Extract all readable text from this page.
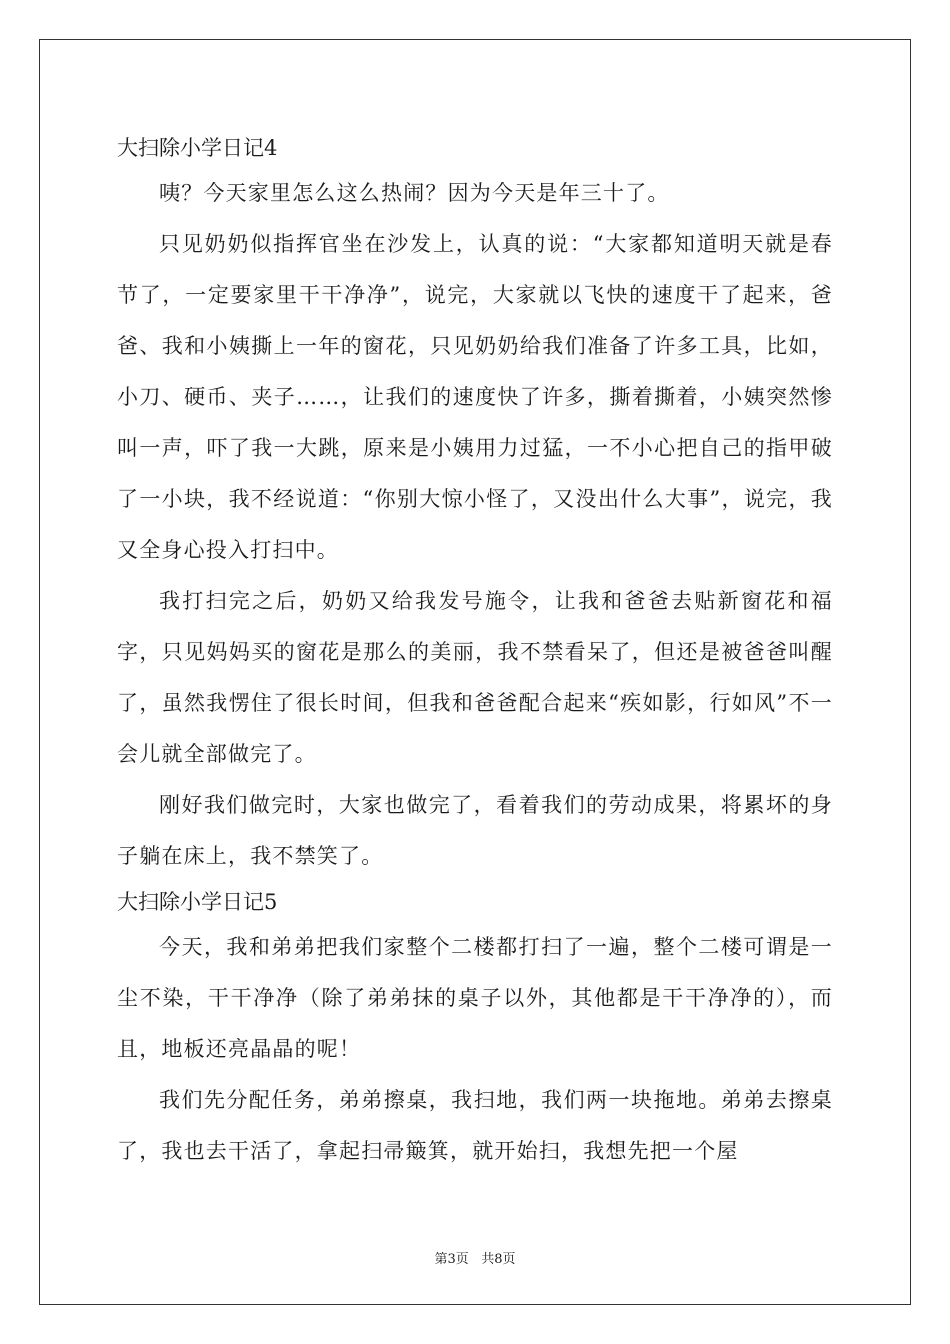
大扫除小学日记4

咦？今天家里怎么这么热闹？因为今天是年三十了。

只见奶奶似指挥官坐在沙发上，认真的说：“大家都知道明天就是春节了，一定要家里干干净净”，说完，大家就以飞快的速度干了起来，爸爸、我和小姨撕上一年的窗花，只见奶奶给我们准备了许多工具，比如，小刀、硬币、夹子……，让我们的速度快了许多，撕着撕着，小姨突然惨叫一声，吓了我一大跳，原来是小姨用力过猛，一不小心把自己的指甲破了一小块，我不经说道：“你别大惊小怪了，又没出什么大事”，说完，我又全身心投入打扫中。

我打扫完之后，奶奶又给我发号施令，让我和爸爸去贴新窗花和福字，只见妈妈买的窗花是那么的美丽，我不禁看呆了，但还是被爸爸叫醒了，虽然我愣住了很长时间，但我和爸爸配合起来“疾如影，行如风”不一会儿就全部做完了。

刚好我们做完时，大家也做完了，看着我们的劳动成果，将累坏的身子躺在床上，我不禁笑了。

大扫除小学日记5

今天，我和弟弟把我们家整个二楼都打扫了一遍，整个二楼可谓是一尘不染，干干净净（除了弟弟抹的桌子以外，其他都是干干净净的），而且，地板还亮晶晶的呢！

我们先分配任务，弟弟擦桌，我扫地，我们两一块拖地。弟弟去擦桌了，我也去干活了，拿起扫帚簸箕，就开始扫，我想先把一个屋

第3页 共8页
